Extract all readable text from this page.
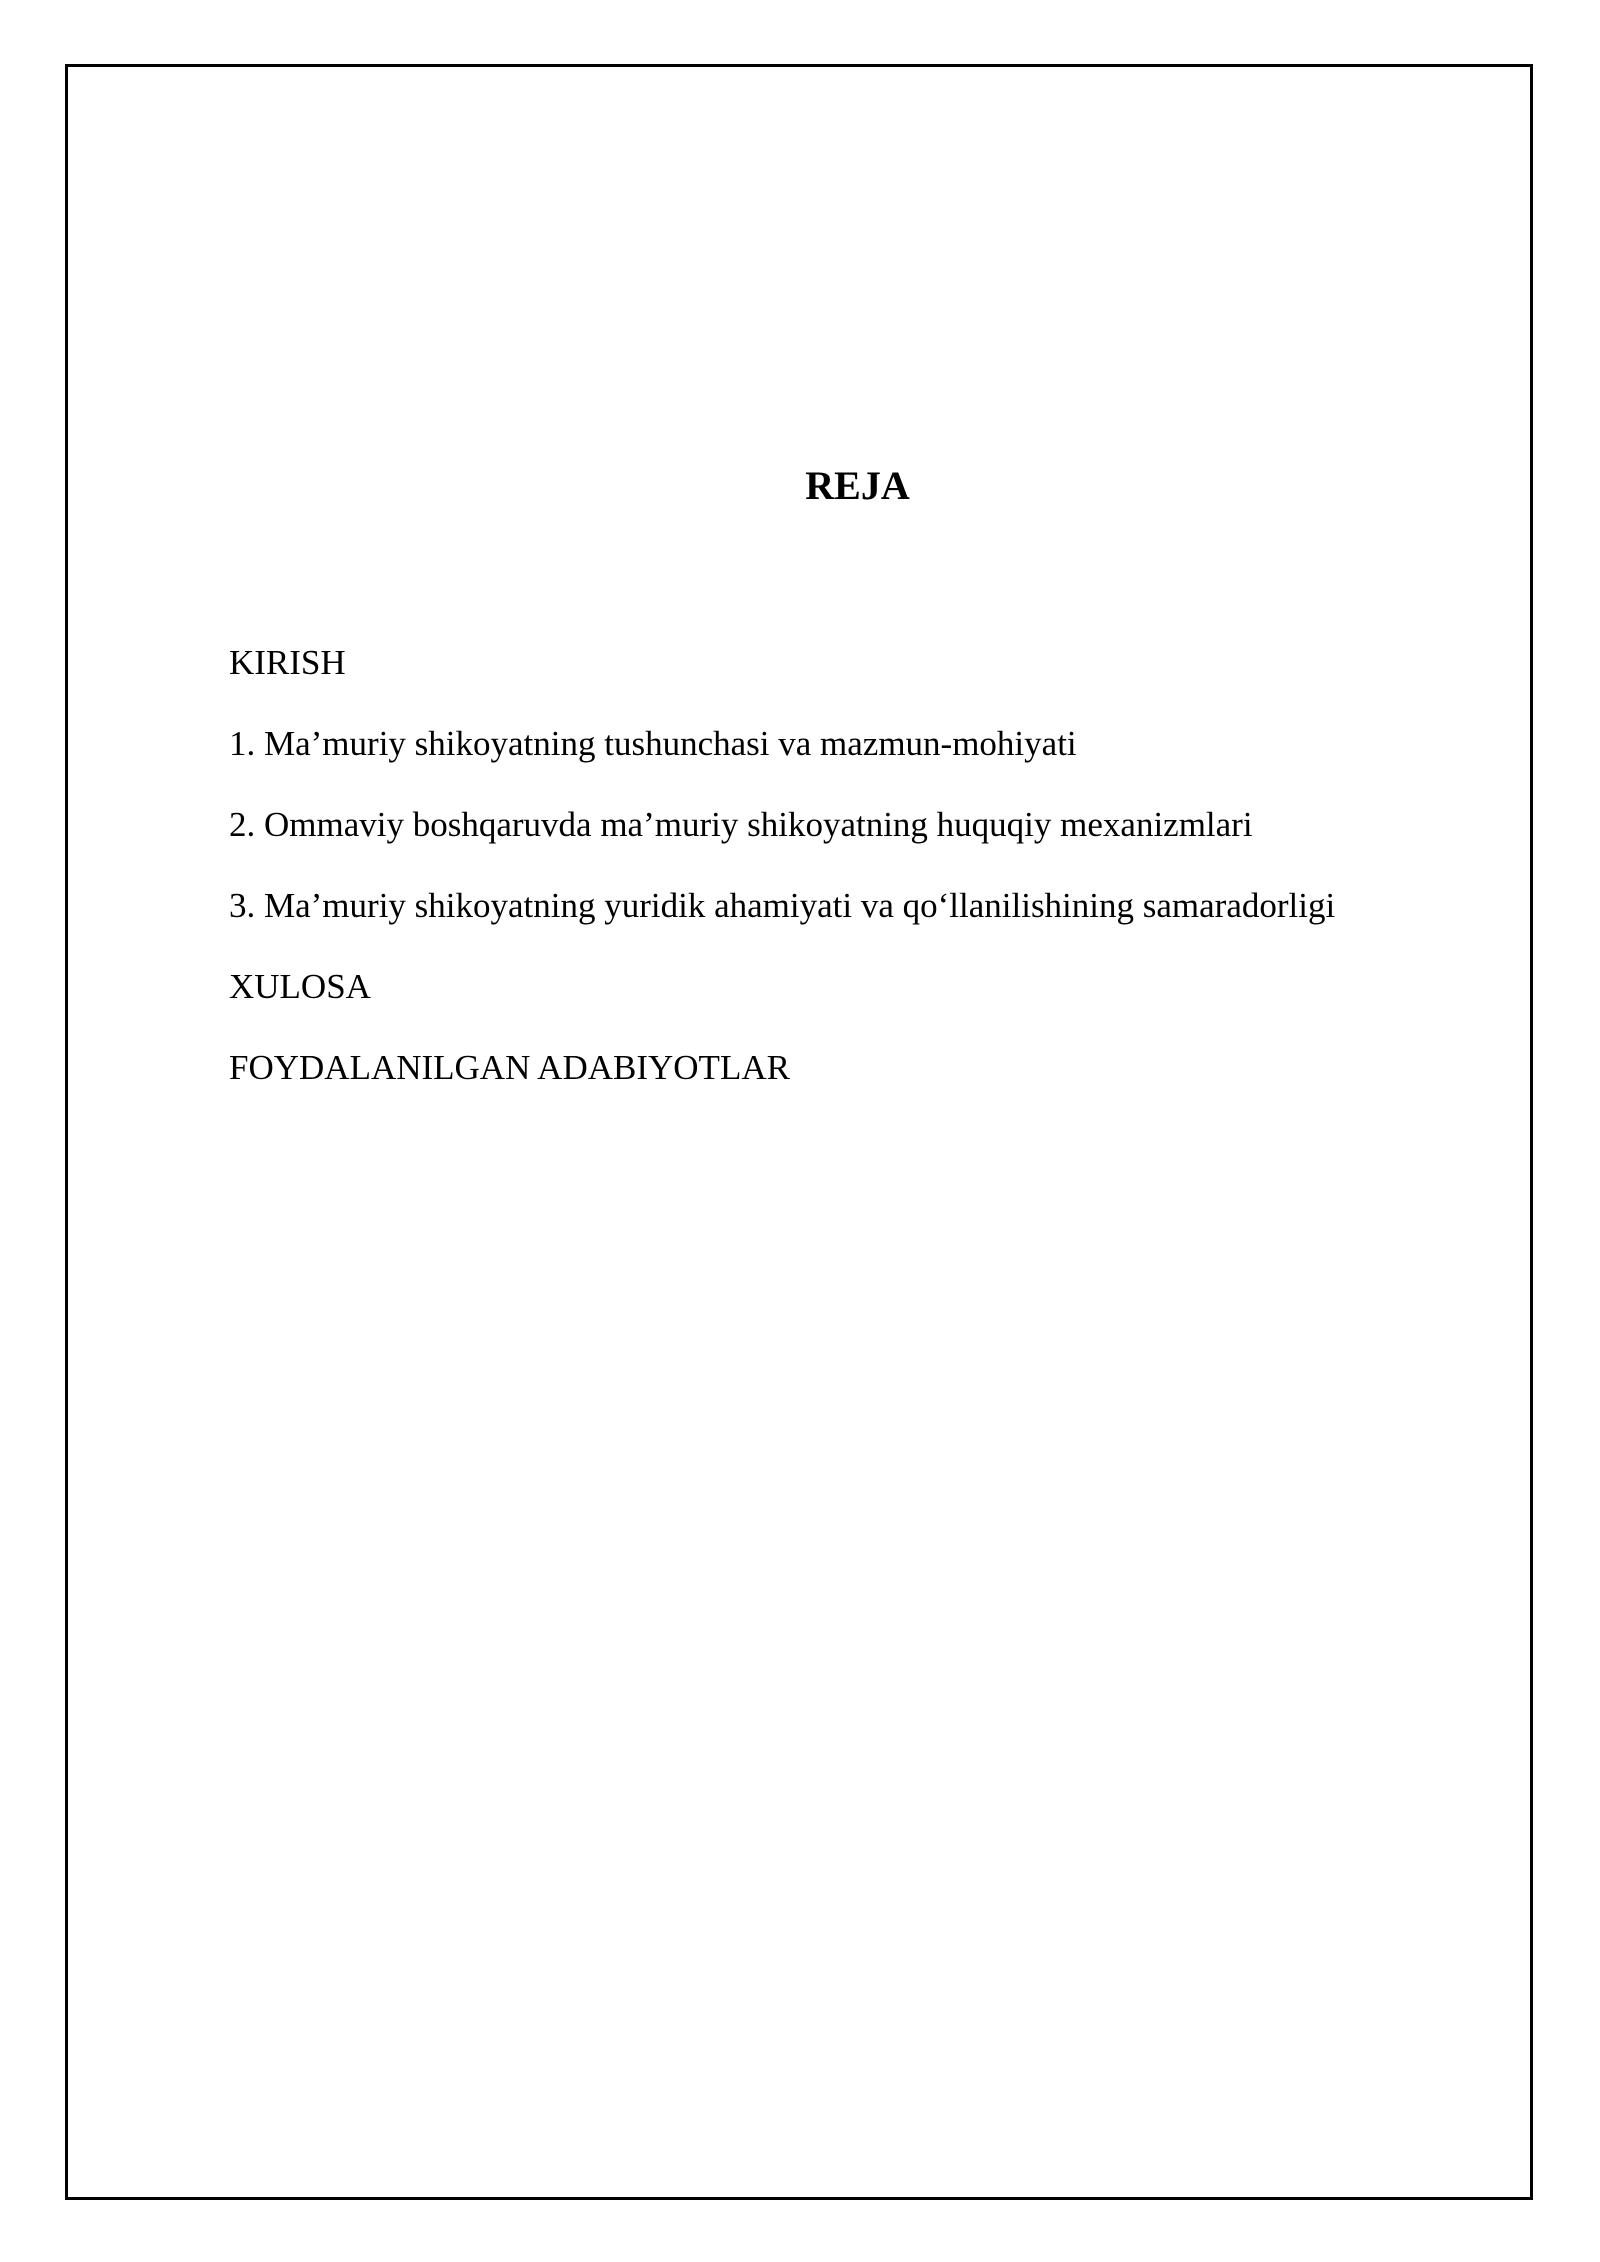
REJA
KIRISH
1. Ma’muriy shikoyatning tushunchasi va mazmun-mohiyati
2. Ommaviy boshqaruvda ma’muriy shikoyatning huquqiy mexanizmlari
3. Ma’muriy shikoyatning yuridik ahamiyati va qo‘llanilishining samaradorligi
XULOSA
FOYDALANILGAN ADABIYOTLAR
